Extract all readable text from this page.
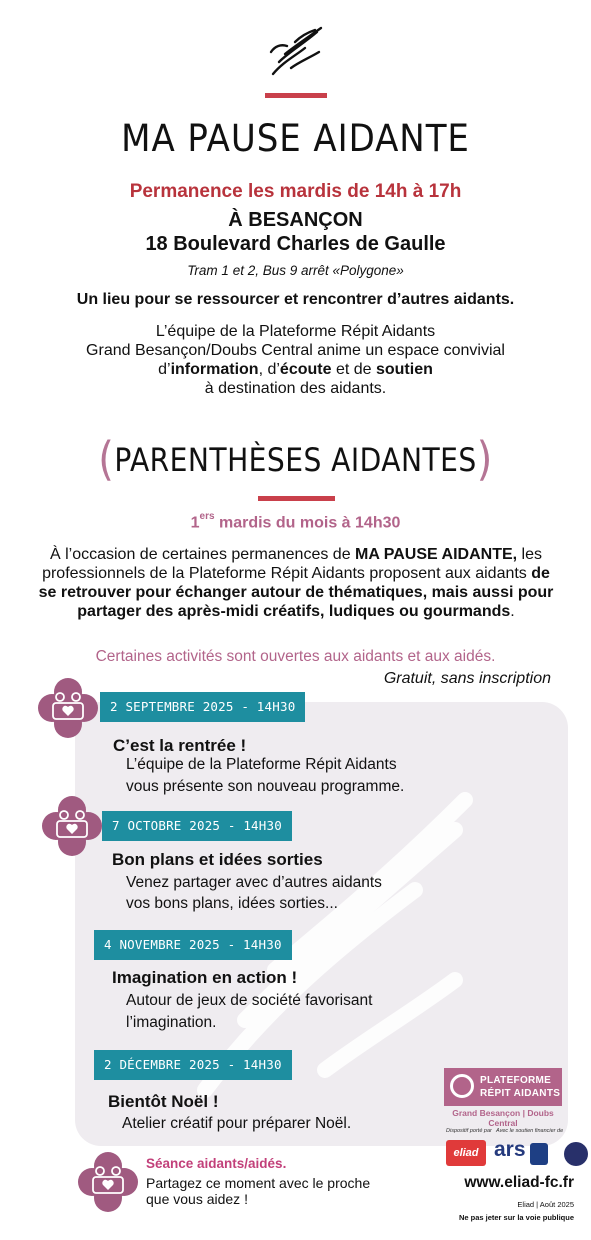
MA PAUSE AIDANTE
Permanence les mardis de 14h à 17h
À BESANÇON
18 Boulevard Charles de Gaulle
Tram 1 et 2, Bus 9 arrêt «Polygone»
Un lieu pour se ressourcer et rencontrer d’autres aidants.
L’équipe de la Plateforme Répit Aidants
Grand Besançon/Doubs Central anime un espace convivial
d’information, d’écoute et de soutien
à destination des aidants.
(PARENTHÈSES AIDANTES)
1ers mardis du mois à 14h30
À l’occasion de certaines permanences de MA PAUSE AIDANTE, les professionnels de la Plateforme Répit Aidants proposent aux aidants de se retrouver pour échanger autour de thématiques, mais aussi pour partager des après-midi créatifs, ludiques ou gourmands.
Certaines activités sont ouvertes aux aidants et aux aidés.
Gratuit, sans inscription
2 SEPTEMBRE 2025 - 14H30
C’est la rentrée !
L’équipe de la Plateforme Répit Aidants
vous présente son nouveau programme.
7 OCTOBRE 2025 - 14H30
Bon plans et idées sorties
Venez partager avec d’autres aidants
vos bons plans, idées sorties...
4 NOVEMBRE 2025 - 14H30
Imagination en action !
Autour de jeux de société favorisant
l’imagination.
2 DÉCEMBRE 2025 - 14H30
Bientôt Noël !
Atelier créatif pour préparer Noël.
Séance aidants/aidés.
Partagez ce moment avec le proche
que vous aidez !
PLATEFORME
RÉPIT AIDANTS
Grand Besançon | Doubs Central
Dispositif porté par Avec le soutien financier de
eliad ars
www.eliad-fc.fr
Eliad | Août 2025
Ne pas jeter sur la voie publique
